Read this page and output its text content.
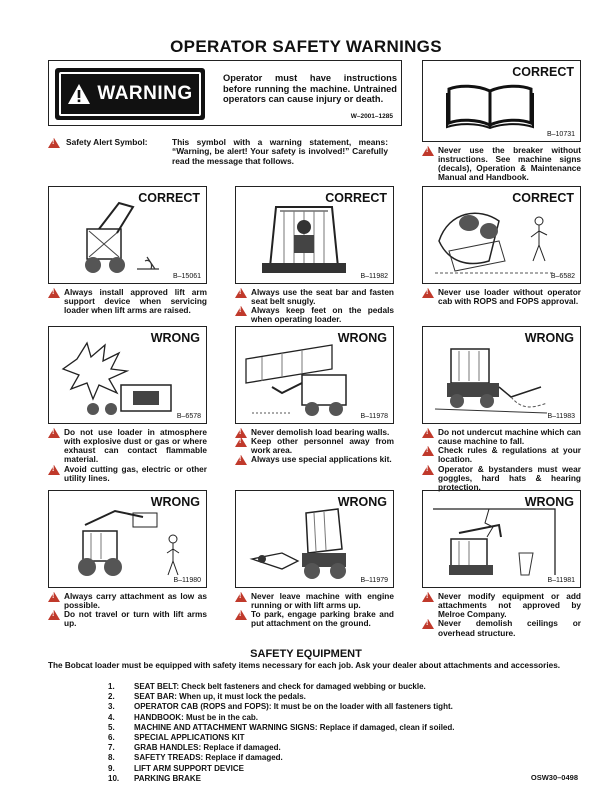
OPERATOR SAFETY WARNINGS
WARNING
Operator must have instructions before running the machine. Untrained operators can cause injury or death.
W–2001–1285
!
Safety Alert Symbol:	This symbol with a warning statement, means: “Warning, be alert! Your safety is involved!” Carefully read the message that follows.
CORRECT
B–10731
!
Never use the breaker without instructions. See machine signs (decals), Operation & Maintenance Manual and Handbook.
CORRECT
B–15061
!
Always install approved lift arm support device when servicing loader when lift arms are raised.
CORRECT
B–11982
!
Always use the seat bar and fasten seat belt snugly.
!
Always keep feet on the pedals when operating loader.
CORRECT
B–6582
!
Never use loader without operator cab with ROPS and FOPS approval.
WRONG
B–6578
!
Do not use loader in atmosphere with explosive dust or gas or where exhaust can contact flammable material.
!
Avoid cutting gas, electric or other utility lines.
WRONG
B–11978
!
Never demolish load bearing walls.
!
Keep other personnel away from work area.
!
Always use special applications kit.
WRONG
B–11983
!
Do not undercut machine which can cause machine to fall.
!
Check rules & regulations at your location.
!
Operator & bystanders must wear goggles, hard hats & hearing protection.
WRONG
B–11980
!
Always carry attachment as low as possible.
!
Do not travel or turn with lift arms up.
WRONG
B–11979
!
Never leave machine with engine running or with lift arms up.
!
To park, engage parking brake and put attachment on the ground.
WRONG
B–11981
!
Never modify equipment or add attachments not approved by Melroe Company.
!
Never demolish ceilings or overhead structure.
SAFETY EQUIPMENT
The Bobcat loader must be equipped with safety items necessary for each job. Ask your dealer about attachments and accessories.
1. SEAT BELT: Check belt fasteners and check for damaged webbing or buckle.
2. SEAT BAR: When up, it must lock the pedals.
3. OPERATOR CAB (ROPS and FOPS): It must be on the loader with all fasteners tight.
4. HANDBOOK: Must be in the cab.
5. MACHINE AND ATTACHMENT WARNING SIGNS: Replace if damaged, clean if soiled.
6. SPECIAL APPLICATIONS KIT
7. GRAB HANDLES: Replace if damaged.
8. SAFETY TREADS: Replace if damaged.
9. LIFT ARM SUPPORT DEVICE
10. PARKING BRAKE	OSW30–0498
